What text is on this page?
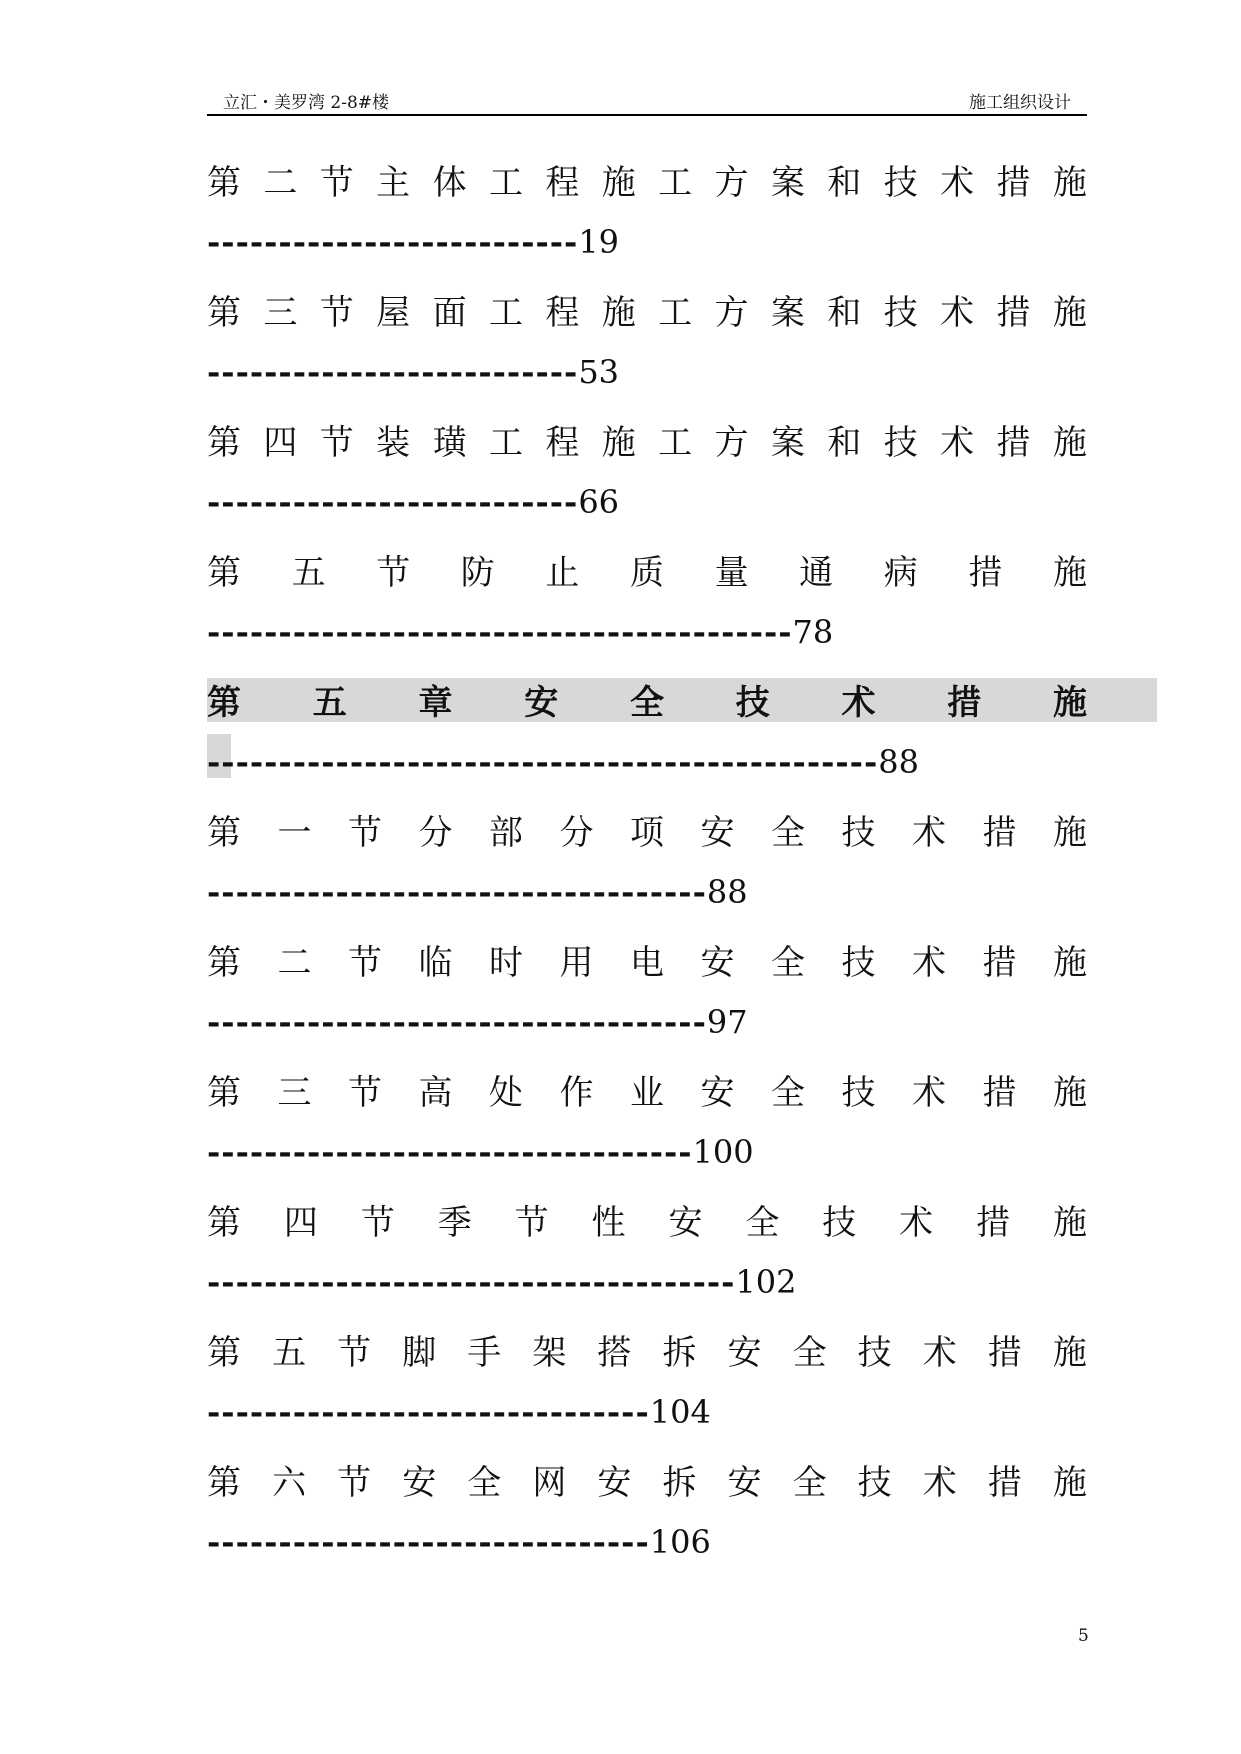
立汇・美罗湾 2-8#楼	施工组织设计
第 二 节 主 体 工 程 施 工 方 案 和 技 术 措 施
-------------------------- 19
第 三 节 屋 面 工 程 施 工 方 案 和 技 术 措 施
-------------------------- 53
第 四 节 装 璜 工 程 施 工 方 案 和 技 术 措 施
-------------------------- 66
第 五 节 防 止 质 量 通 病 措 施
----------------------------------------- 78
第 五 章 安 全 技 术 措 施
----------------------------------------------- 88
第 一 节 分 部 分 项 安 全 技 术 措 施
----------------------------------- 88
第 二 节 临 时 用 电 安 全 技 术 措 施
----------------------------------- 97
第 三 节 高 处 作 业 安 全 技 术 措 施
---------------------------------- 100
第 四 节 季 节 性 安 全 技 术 措 施
------------------------------------- 102
第 五 节 脚 手 架 搭 拆 安 全 技 术 措 施
------------------------------- 104
第 六 节 安 全 网 安 拆 安 全 技 术 措 施
------------------------------- 106
5
